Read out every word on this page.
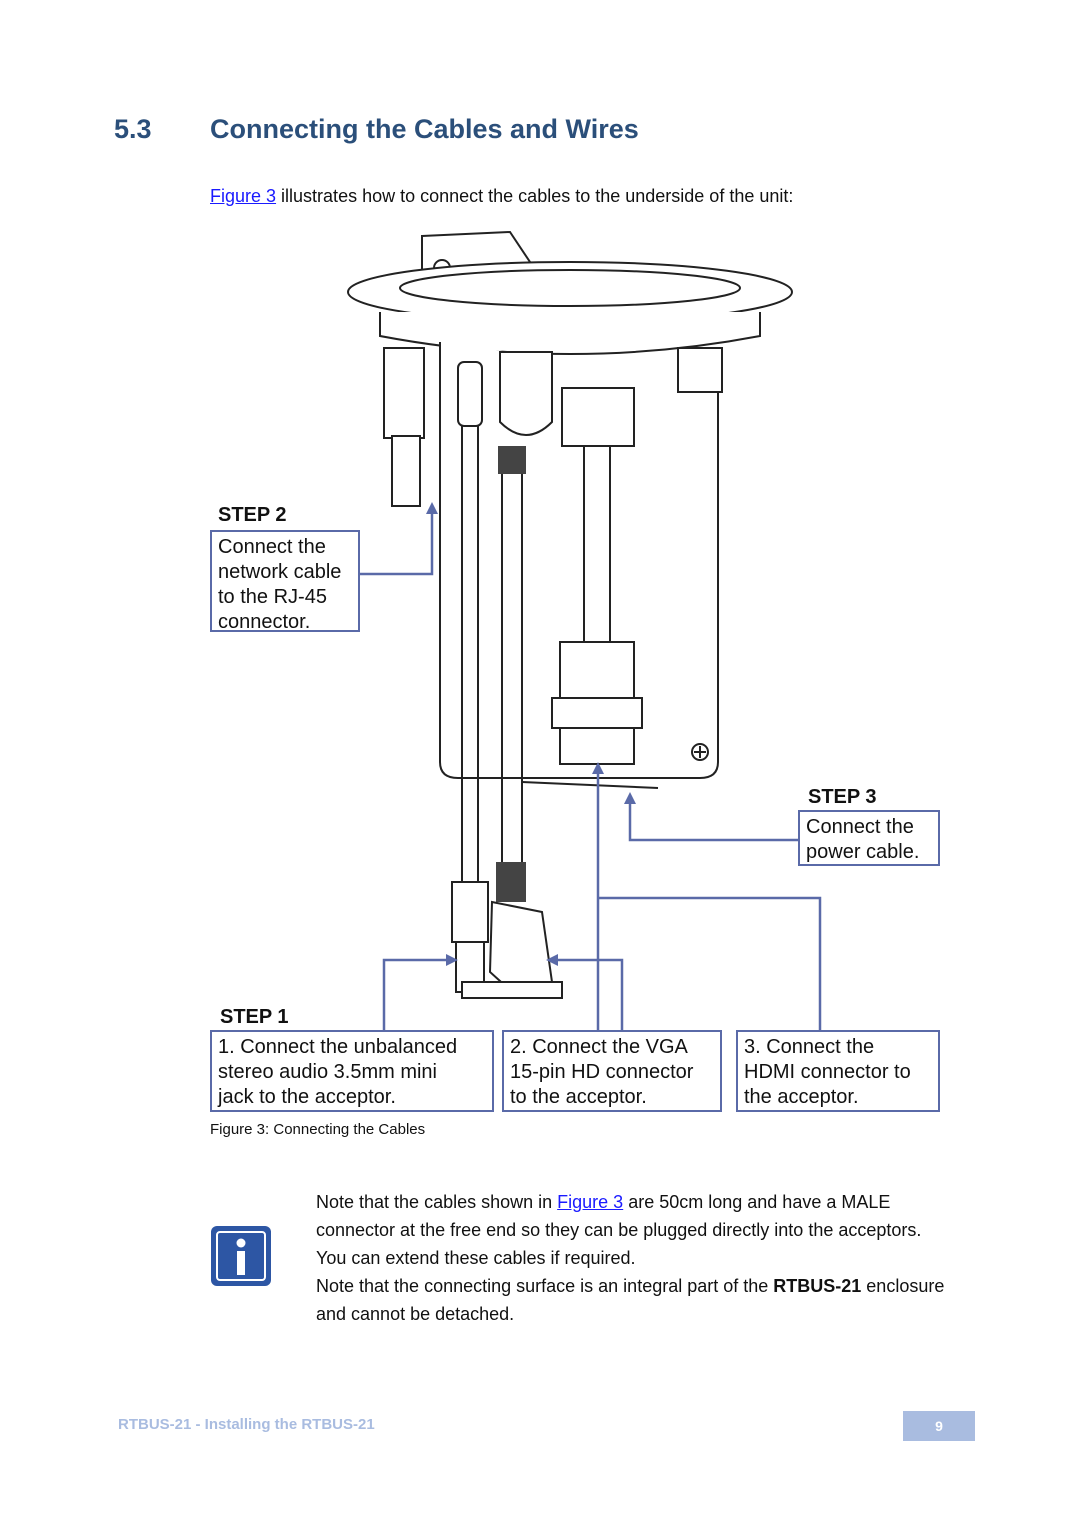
5.3 Connecting the Cables and Wires
Figure 3 illustrates how to connect the cables to the underside of the unit:
STEP 2
Connect the
network cable
to the RJ-45
connector.
STEP 3
Connect the
power cable.
STEP 1
1. Connect the unbalanced
stereo audio 3.5mm mini
jack to the acceptor.
2. Connect the VGA
15-pin HD connector
to the acceptor.
3. Connect the
HDMI connector to
the acceptor.
Figure 3: Connecting the Cables

Note that the cables shown in Figure 3 are 50cm long and have a MALE connector at the free end so they can be plugged directly into the acceptors. You can extend these cables if required.

Note that the connecting surface is an integral part of the RTBUS-21 enclosure and cannot be detached.

RTBUS-21 - Installing the RTBUS-21	9
